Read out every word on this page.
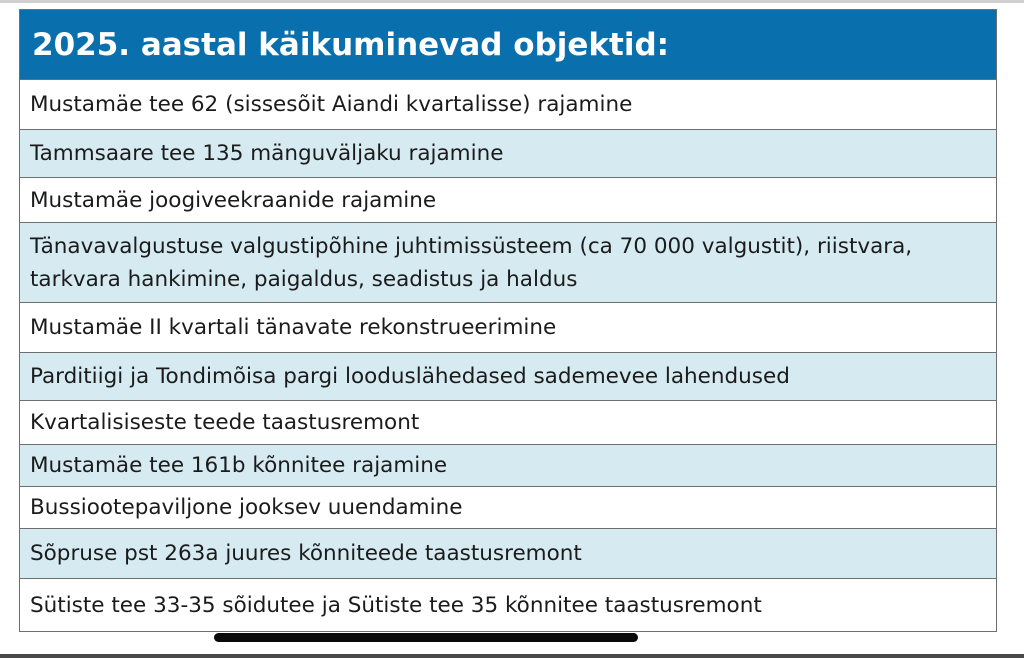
2025. aastal käikuminevad objektid:
Mustamäe tee 62 (sissesõit Aiandi kvartalisse) rajamine
Tammsaare tee 135 mänguväljaku rajamine
Mustamäe joogiveekraanide rajamine
Tänavavalgustuse valgustipõhine juhtimissüsteem (ca 70 000 valgustit), riistvara, tarkvara hankimine, paigaldus, seadistus ja haldus
Mustamäe II kvartali tänavate rekonstrueerimine
Parditiigi ja Tondimõisa pargi looduslähedased sademevee lahendused
Kvartalisiseste teede taastusremont
Mustamäe tee 161b kõnnitee rajamine
Bussiootepaviljone jooksev uuendamine
Sõpruse pst 263a juures kõnniteede taastusremont
Sütiste tee 33-35 sõidutee ja Sütiste tee 35 kõnnitee taastusremont
